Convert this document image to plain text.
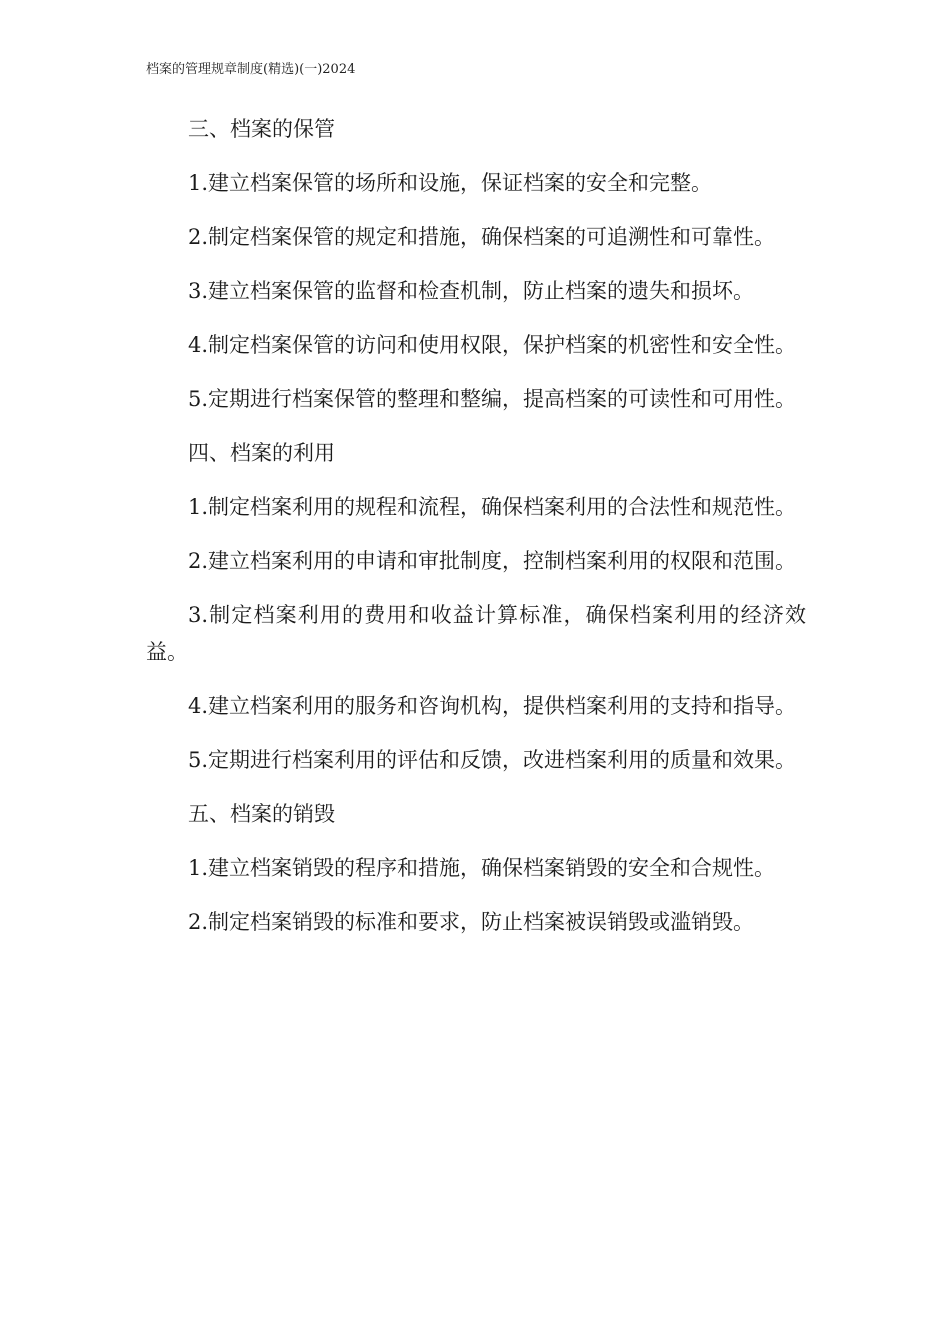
档案的管理规章制度(精选)(一)2024

三、档案的保管

1.建立档案保管的场所和设施，保证档案的安全和完整。

2.制定档案保管的规定和措施，确保档案的可追溯性和可靠性。

3.建立档案保管的监督和检查机制，防止档案的遗失和损坏。

4.制定档案保管的访问和使用权限，保护档案的机密性和安全性。

5.定期进行档案保管的整理和整编，提高档案的可读性和可用性。

四、档案的利用

1.制定档案利用的规程和流程，确保档案利用的合法性和规范性。

2.建立档案利用的申请和审批制度，控制档案利用的权限和范围。

3.制定档案利用的费用和收益计算标准，确保档案利用的经济效益。

4.建立档案利用的服务和咨询机构，提供档案利用的支持和指导。

5.定期进行档案利用的评估和反馈，改进档案利用的质量和效果。

五、档案的销毁

1.建立档案销毁的程序和措施，确保档案销毁的安全和合规性。

2.制定档案销毁的标准和要求，防止档案被误销毁或滥销毁。
